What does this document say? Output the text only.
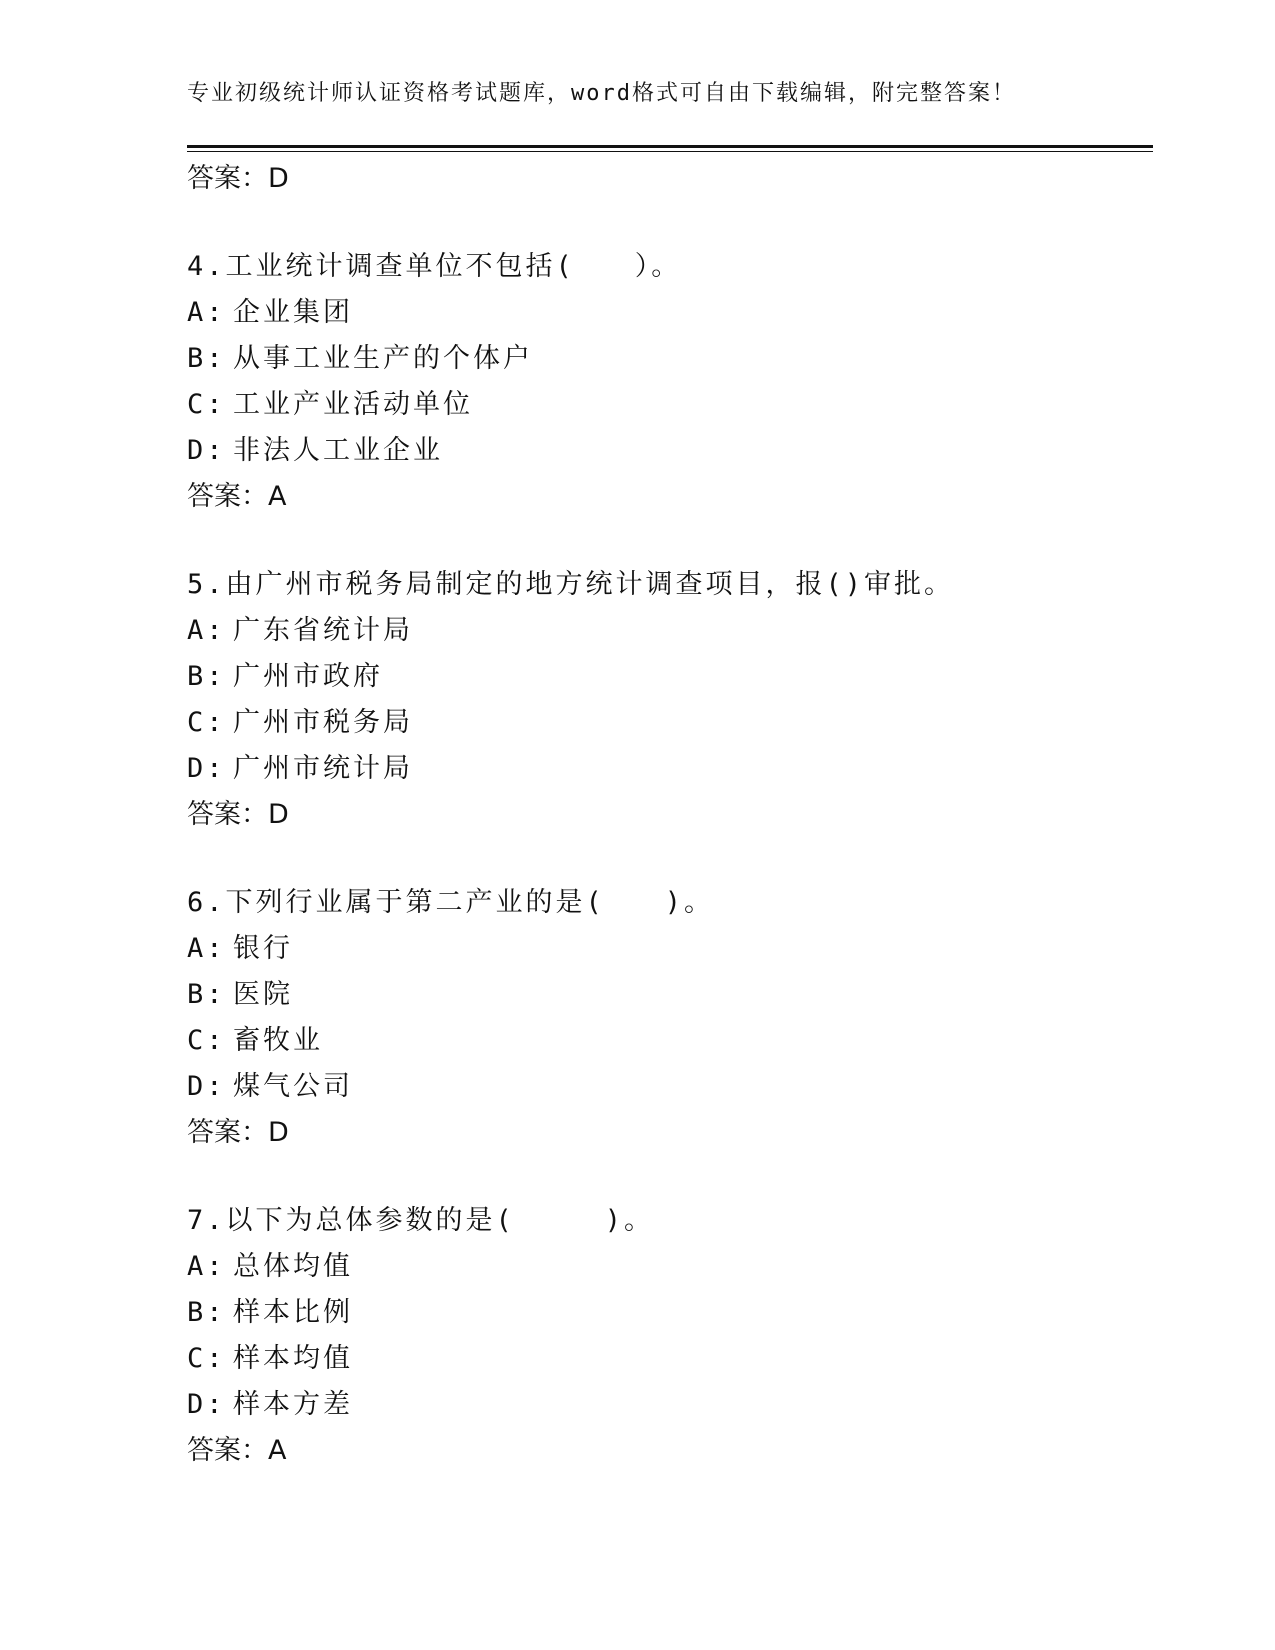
专业初级统计师认证资格考试题库，word格式可自由下载编辑，附完整答案！
答案：D
4.工业统计调查单位不包括(　　）。
A: 企业集团
B: 从事工业生产的个体户
C: 工业产业活动单位
D: 非法人工业企业
答案：A
5.由广州市税务局制定的地方统计调查项目，报()审批。
A: 广东省统计局
B: 广州市政府
C: 广州市税务局
D: 广州市统计局
答案：D
6.下列行业属于第二产业的是(　　)。
A: 银行
B: 医院
C: 畜牧业
D: 煤气公司
答案：D
7.以下为总体参数的是(　　　)。
A: 总体均值
B: 样本比例
C: 样本均值
D: 样本方差
答案：A
